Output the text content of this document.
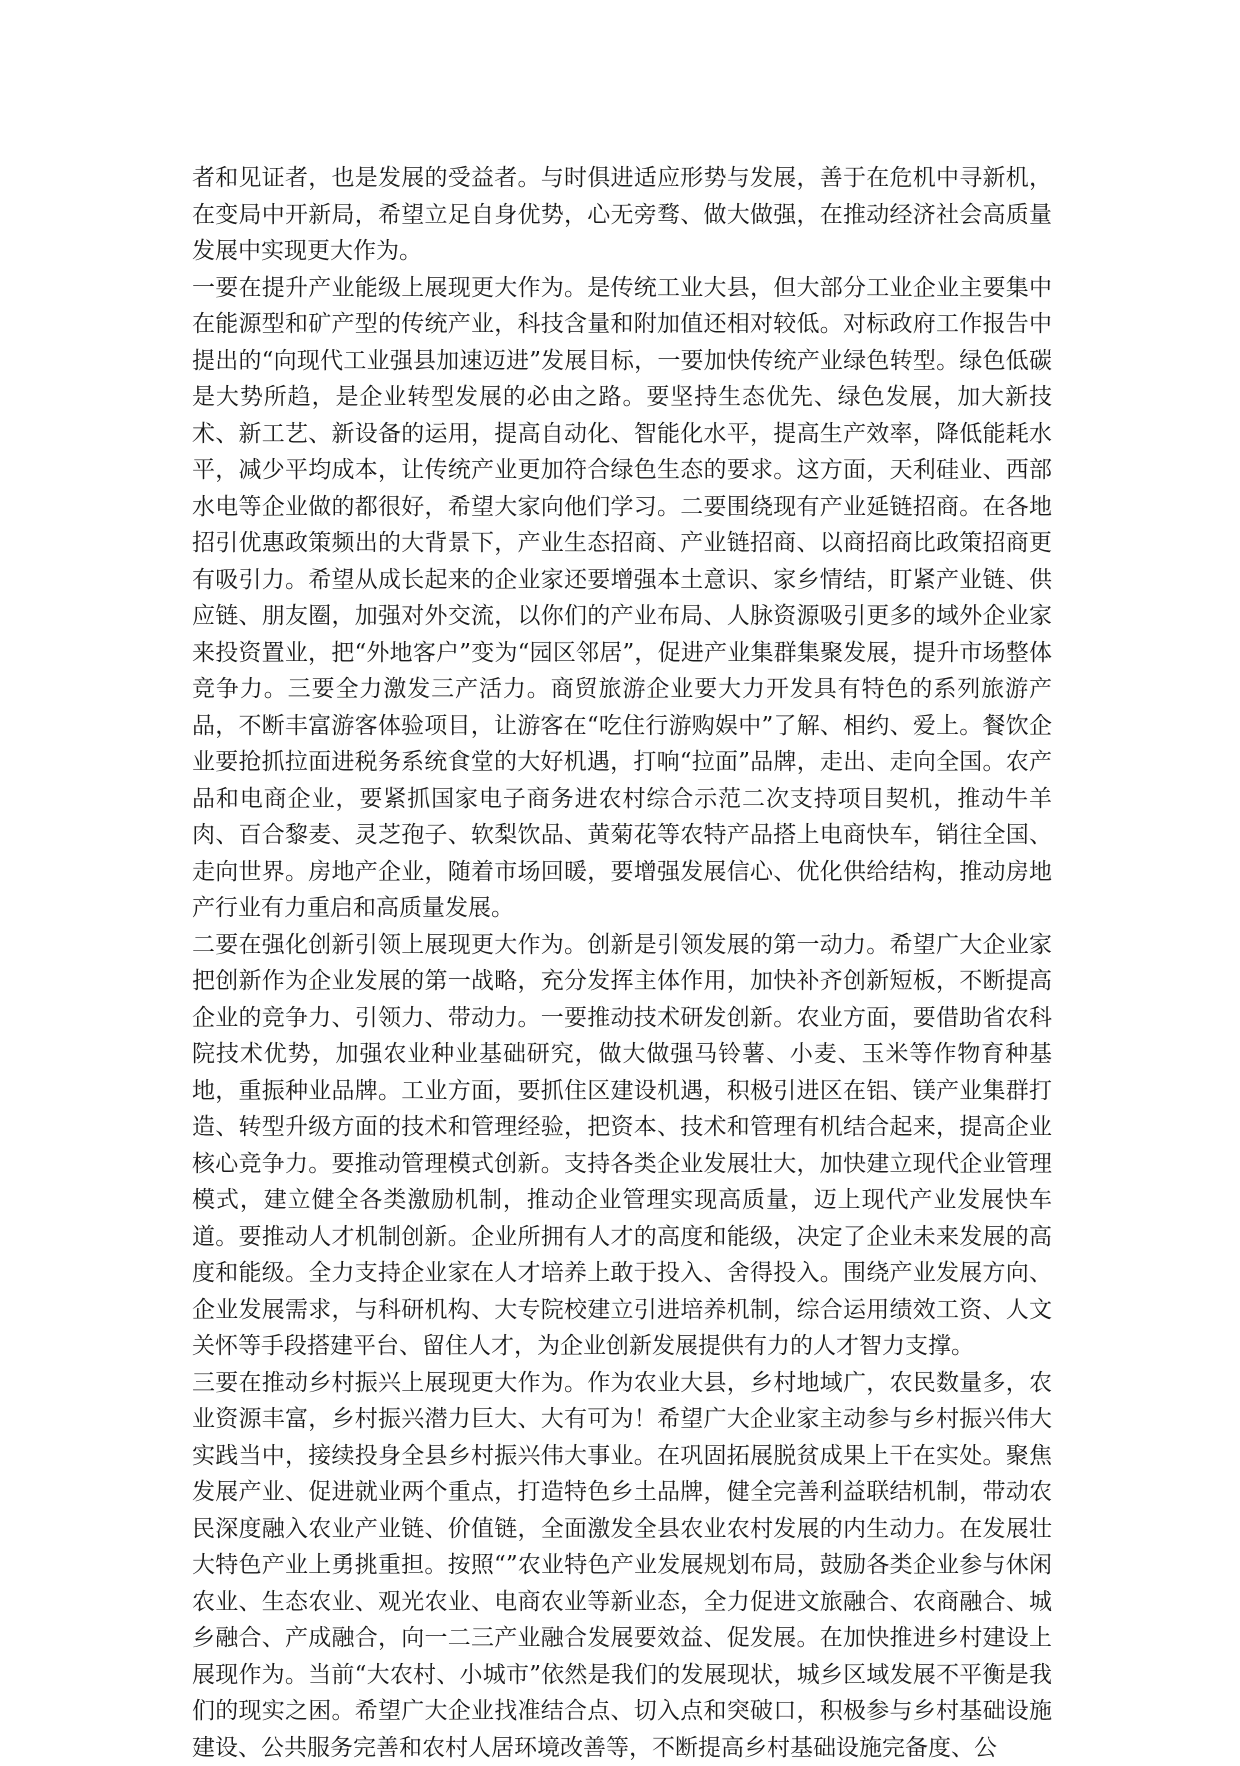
者和见证者，也是发展的受益者。与时俱进适应形势与发展，善于在危机中寻新机，在变局中开新局，希望立足自身优势，心无旁骛、做大做强，在推动经济社会高质量发展中实现更大作为。

一要在提升产业能级上展现更大作为。是传统工业大县，但大部分工业企业主要集中在能源型和矿产型的传统产业，科技含量和附加值还相对较低。对标政府工作报告中提出的“向现代工业强县加速迈进”发展目标，一要加快传统产业绿色转型。绿色低碳是大势所趋，是企业转型发展的必由之路。要坚持生态优先、绿色发展，加大新技术、新工艺、新设备的运用，提高自动化、智能化水平，提高生产效率，降低能耗水平，减少平均成本，让传统产业更加符合绿色生态的要求。这方面，天利硅业、西部水电等企业做的都很好，希望大家向他们学习。二要围绕现有产业延链招商。在各地招引优惠政策频出的大背景下，产业生态招商、产业链招商、以商招商比政策招商更有吸引力。希望从成长起来的企业家还要增强本土意识、家乡情结，盯紧产业链、供应链、朋友圈，加强对外交流，以你们的产业布局、人脉资源吸引更多的域外企业家来投资置业，把“外地客户”变为“园区邻居”，促进产业集群集聚发展，提升市场整体竞争力。三要全力激发三产活力。商贸旅游企业要大力开发具有特色的系列旅游产品，不断丰富游客体验项目，让游客在“吃住行游购娱中”了解、相约、爱上。餐饮企业要抢抓拉面进税务系统食堂的大好机遇，打响“拉面”品牌，走出、走向全国。农产品和电商企业，要紧抓国家电子商务进农村综合示范二次支持项目契机，推动牛羊肉、百合黎麦、灵芝孢子、软梨饮品、黄菊花等农特产品搭上电商快车，销往全国、走向世界。房地产企业，随着市场回暖，要增强发展信心、优化供给结构，推动房地产行业有力重启和高质量发展。

二要在强化创新引领上展现更大作为。创新是引领发展的第一动力。希望广大企业家把创新作为企业发展的第一战略，充分发挥主体作用，加快补齐创新短板，不断提高企业的竞争力、引领力、带动力。一要推动技术研发创新。农业方面，要借助省农科院技术优势，加强农业种业基础研究，做大做强马铃薯、小麦、玉米等作物育种基地，重振种业品牌。工业方面，要抓住区建设机遇，积极引进区在铝、镁产业集群打造、转型升级方面的技术和管理经验，把资本、技术和管理有机结合起来，提高企业核心竞争力。要推动管理模式创新。支持各类企业发展壮大，加快建立现代企业管理模式，建立健全各类激励机制，推动企业管理实现高质量，迈上现代产业发展快车道。要推动人才机制创新。企业所拥有人才的高度和能级，决定了企业未来发展的高度和能级。全力支持企业家在人才培养上敢于投入、舍得投入。围绕产业发展方向、企业发展需求，与科研机构、大专院校建立引进培养机制，综合运用绩效工资、人文关怀等手段搭建平台、留住人才，为企业创新发展提供有力的人才智力支撑。

三要在推动乡村振兴上展现更大作为。作为农业大县，乡村地域广，农民数量多，农业资源丰富，乡村振兴潜力巨大、大有可为！希望广大企业家主动参与乡村振兴伟大实践当中，接续投身全县乡村振兴伟大事业。在巩固拓展脱贫成果上干在实处。聚焦发展产业、促进就业两个重点，打造特色乡土品牌，健全完善利益联结机制，带动农民深度融入农业产业链、价值链，全面激发全县农业农村发展的内生动力。在发展壮大特色产业上勇挑重担。按照“”农业特色产业发展规划布局，鼓励各类企业参与休闲农业、生态农业、观光农业、电商农业等新业态，全力促进文旅融合、农商融合、城乡融合、产成融合，向一二三产业融合发展要效益、促发展。在加快推进乡村建设上展现作为。当前“大农村、小城市”依然是我们的发展现状，城乡区域发展不平衡是我们的现实之困。希望广大企业找准结合点、切入点和突破口，积极参与乡村基础设施建设、公共服务完善和农村人居环境改善等，不断提高乡村基础设施完备度、公
